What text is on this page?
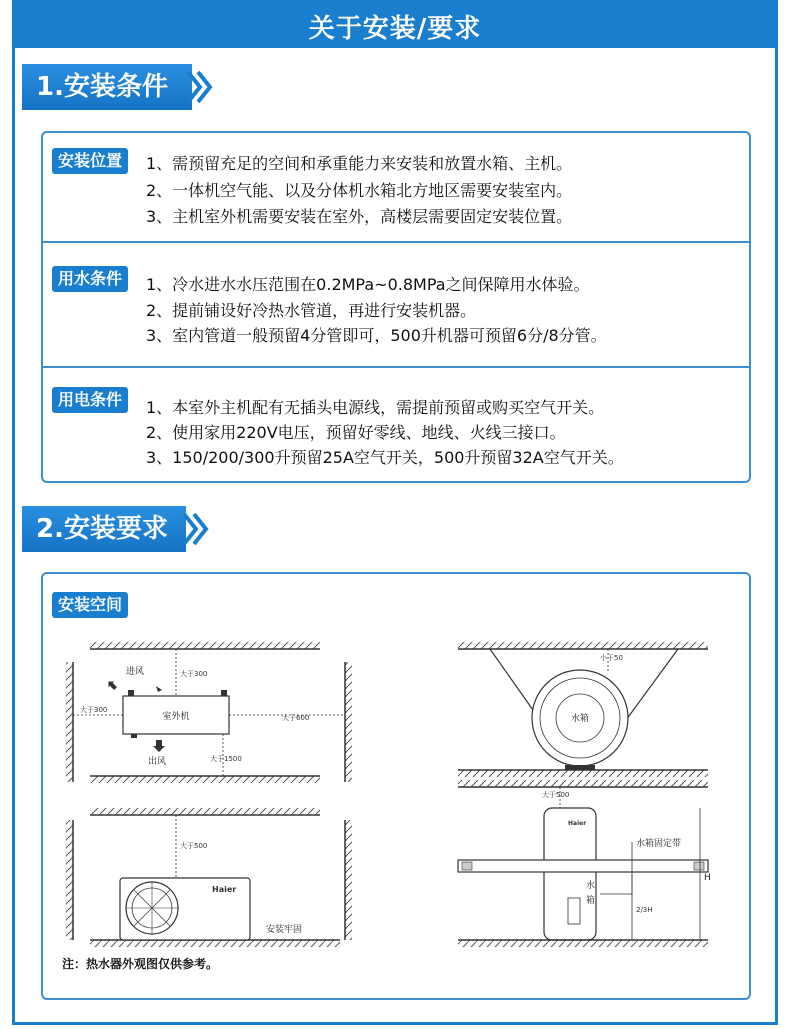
关于安装/要求
1.安装条件
安装位置	1、需预留充足的空间和承重能力来安装和放置水箱、主机。
2、一体机空气能、以及分体机水箱北方地区需要安装室内。
3、主机室外机需要安装在室外，高楼层需要固定安装位置。
用水条件	1、冷水进水水压范围在0.2MPa~0.8MPa之间保障用水体验。
2、提前铺设好冷热水管道，再进行安装机器。
3、室内管道一般预留4分管即可，500升机器可预留6分/8分管。
用电条件	1、本室外主机配有无插头电源线，需提前预留或购买空气开关。
2、使用家用220V电压，预留好零线、地线、火线三接口。
3、150/200/300升预留25A空气开关，500升预留32A空气开关。
2.安装要求
安装空间
室外机
大于300
大于300
大于600
大于1500
进风
出风
大于500
Haier
安装牢固
水箱
小于50
大于500
Haier
水
箱
水箱固定带
2/3H
H
注：热水器外观图仅供参考。
